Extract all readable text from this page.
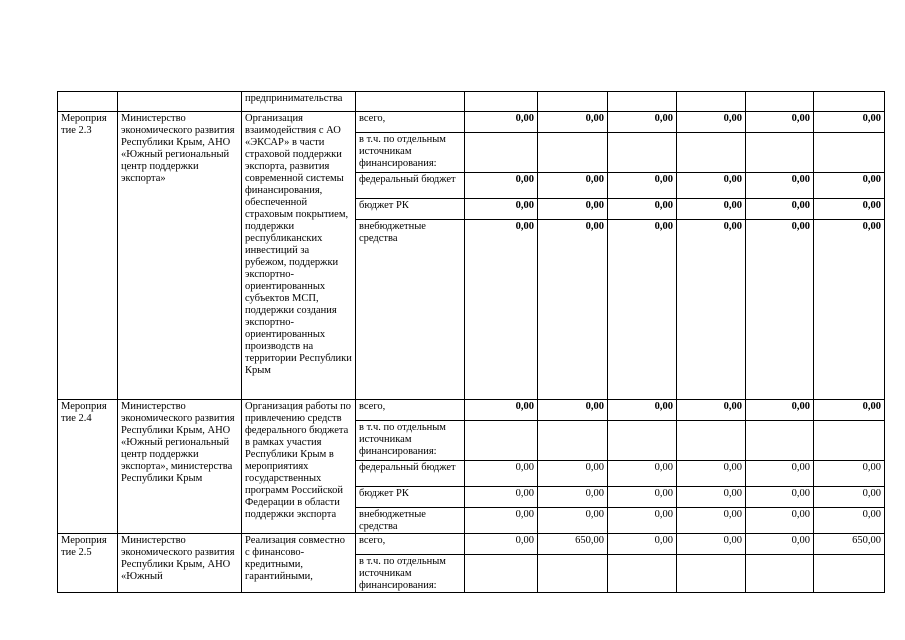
		предпринимательства							
Мероприя тие 2.3	Министерство экономического развития Республики Крым, АНО «Южный региональный центр поддержки экспорта»	Организация взаимодействия с АО «ЭКСАР» в части страховой поддержки экспорта, развития современной системы финансирования, обеспеченной страховым покрытием, поддержки республиканских инвестиций за рубежом, поддержки экспортно-ориентированных субъектов МСП, поддержки создания экспортно-ориентированных производств на территории Республики Крым	всего,	0,00	0,00	0,00	0,00	0,00	0,00
			в т.ч. по отдельным источникам финансирования:						
			федеральный бюджет	0,00	0,00	0,00	0,00	0,00	0,00
			бюджет РК	0,00	0,00	0,00	0,00	0,00	0,00
			внебюджетные средства	0,00	0,00	0,00	0,00	0,00	0,00
Мероприя тие 2.4	Министерство экономического развития Республики Крым, АНО «Южный региональный центр поддержки экспорта», министерства Республики Крым	Организация работы по привлечению средств федерального бюджета в рамках участия Республики Крым в мероприятиях государственных программ Российской Федерации в области поддержки экспорта	всего,	0,00	0,00	0,00	0,00	0,00	0,00
			в т.ч. по отдельным источникам финансирования:						
			федеральный бюджет	0,00	0,00	0,00	0,00	0,00	0,00
			бюджет РК	0,00	0,00	0,00	0,00	0,00	0,00
			внебюджетные средства	0,00	0,00	0,00	0,00	0,00	0,00
Мероприя тие 2.5	Министерство экономического развития Республики Крым, АНО «Южный	Реализация совместно с финансово-кредитными, гарантийными,	всего,	0,00	650,00	0,00	0,00	0,00	650,00
			в т.ч. по отдельным источникам финансирования:						
